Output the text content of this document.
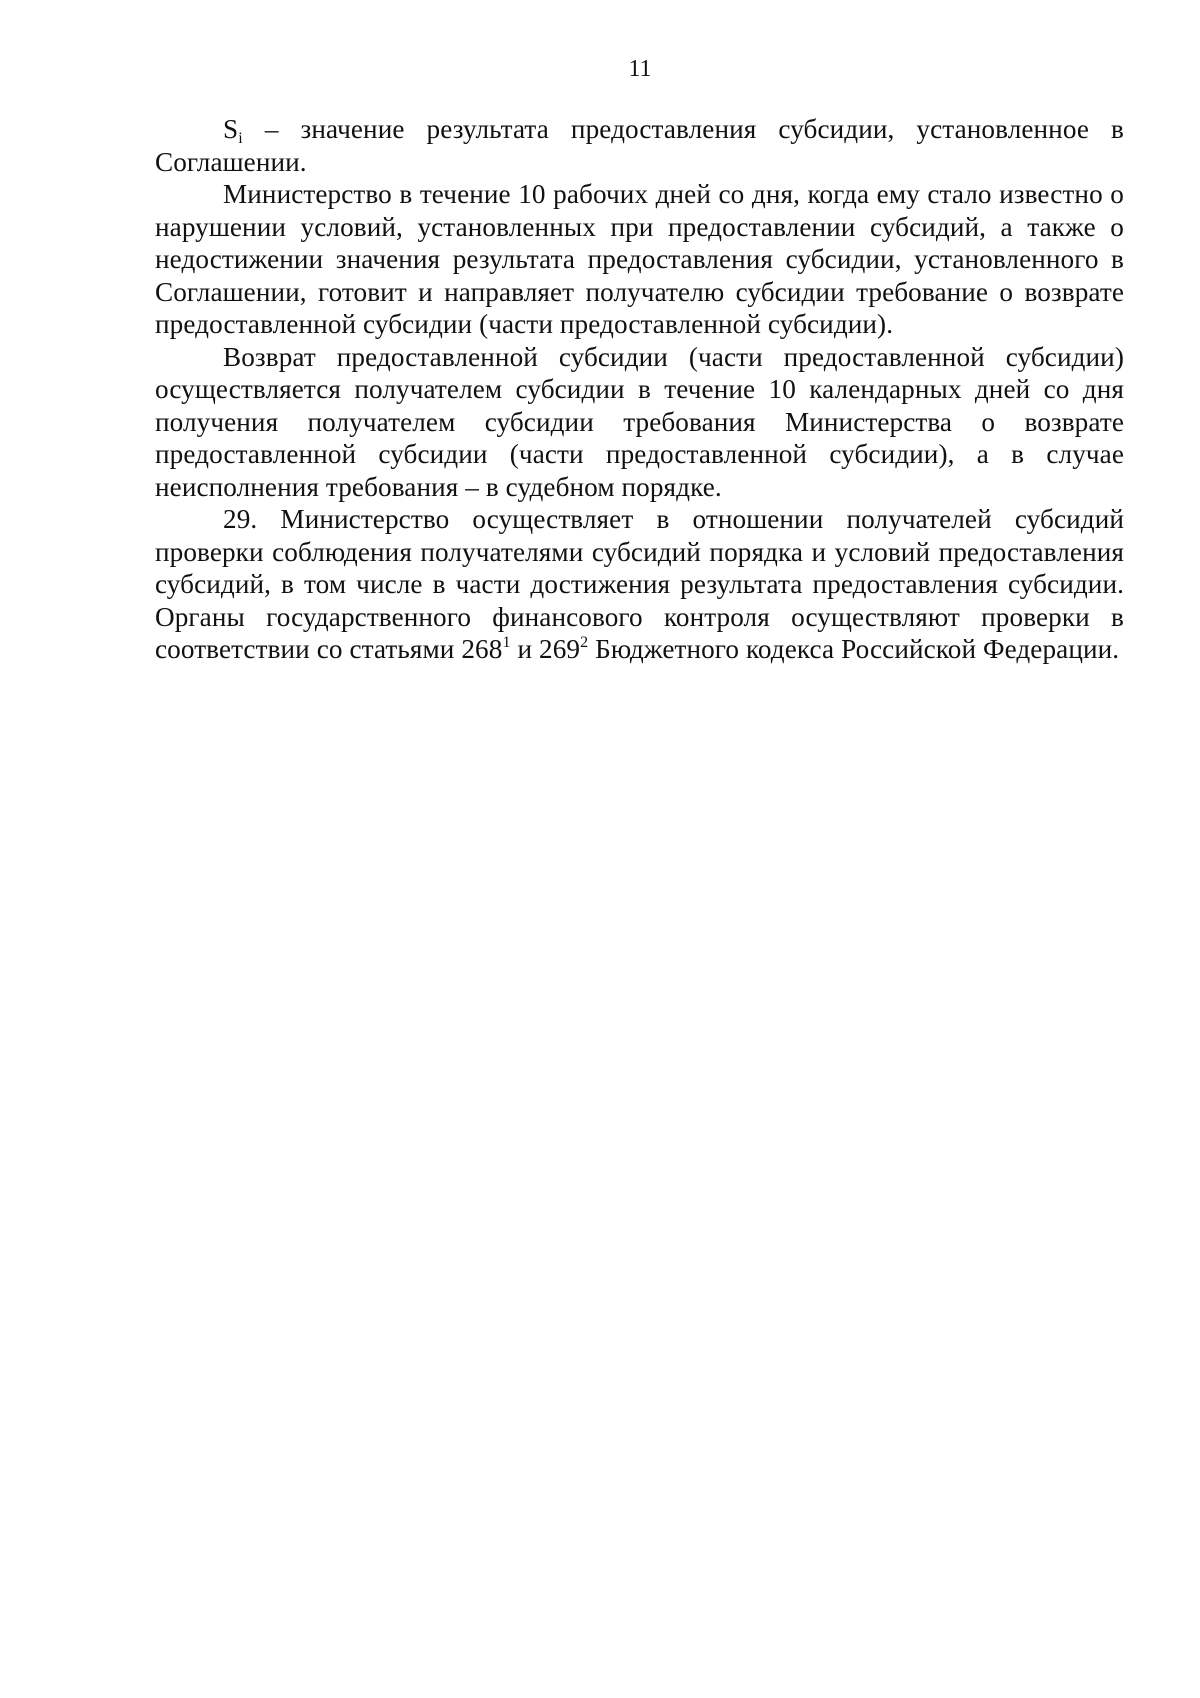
11

$S_i$ – значение результата предоставления субсидии, установленное в Соглашении.

Министерство в течение 10 рабочих дней со дня, когда ему стало известно о нарушении условий, установленных при предоставлении субсидий, а также о недостижении значения результата предоставления субсидии, установленного в Соглашении, готовит и направляет получателю субсидии требование о возврате предоставленной субсидии (части предоставленной субсидии).

Возврат предоставленной субсидии (части предоставленной субсидии) осуществляется получателем субсидии в течение 10 календарных дней со дня получения получателем субсидии требования Министерства о возврате предоставленной субсидии (части предоставленной субсидии), а в случае неисполнения требования – в судебном порядке.

29. Министерство осуществляет в отношении получателей субсидий проверки соблюдения получателями субсидий порядка и условий предоставления субсидий, в том числе в части достижения результата предоставления субсидии. Органы государственного финансового контроля осуществляют проверки в соответствии со статьями $268^1$ и $269^2$ Бюджетного кодекса Российской Федерации.
